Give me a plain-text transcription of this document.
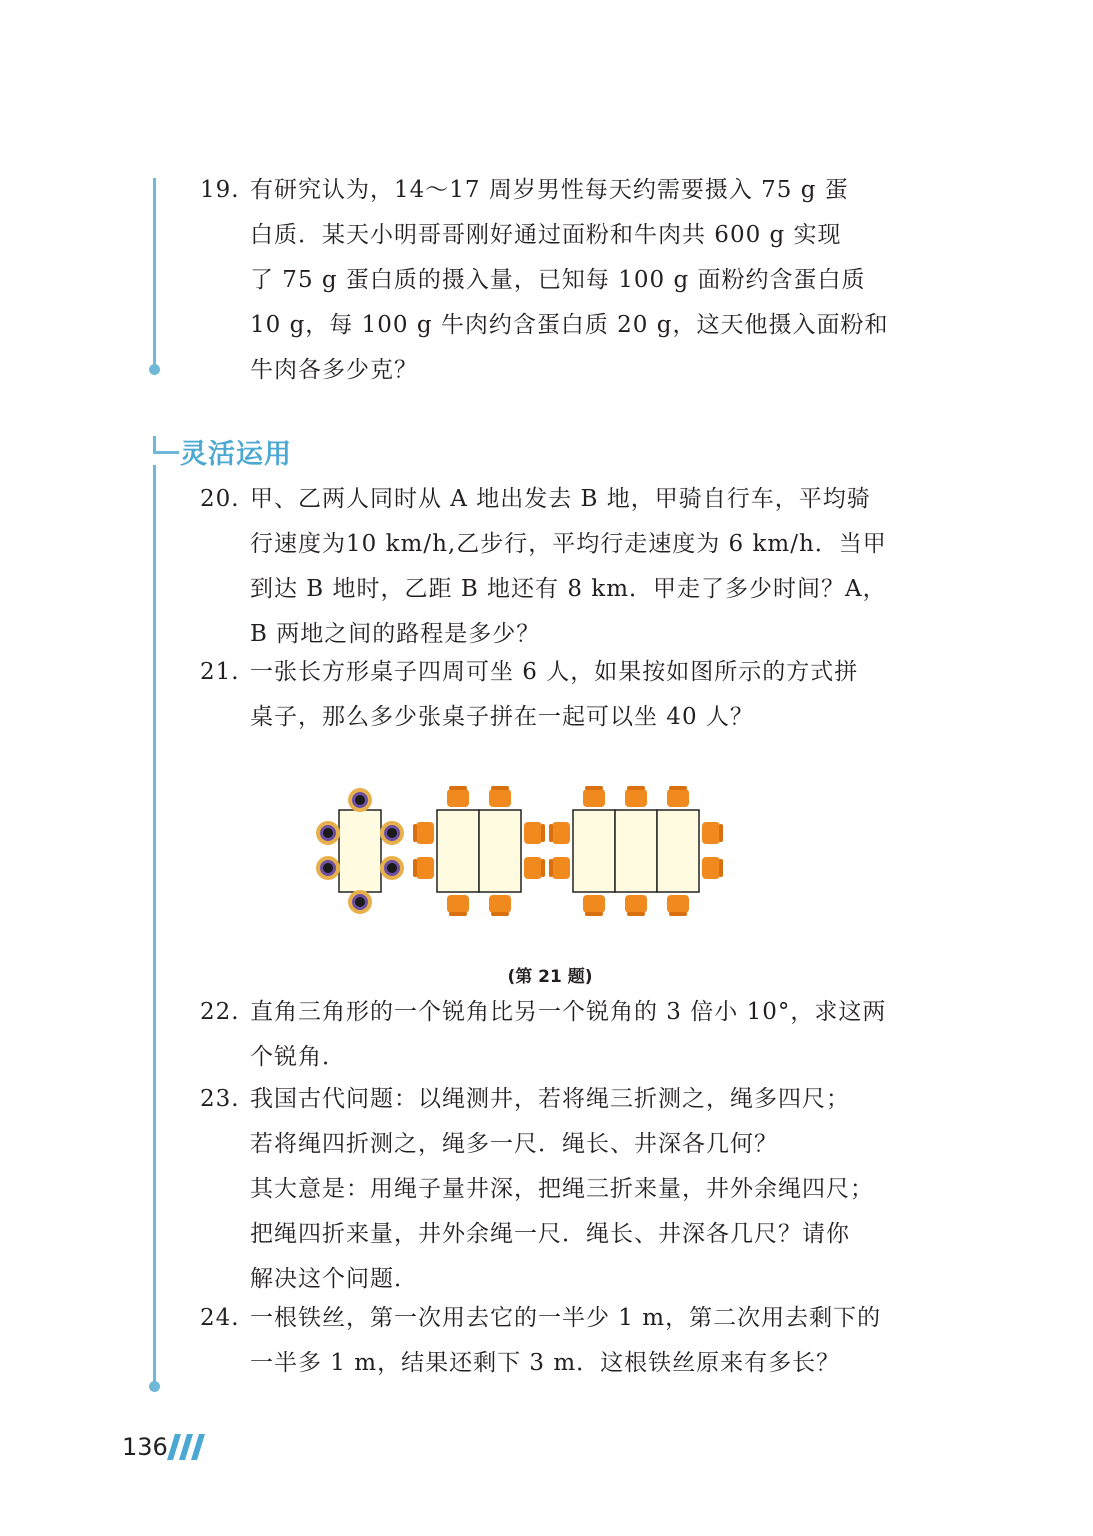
19. 有研究认为，14～17 周岁男性每天约需要摄入 75 g 蛋
白质．某天小明哥哥刚好通过面粉和牛肉共 600 g 实现
了 75 g 蛋白质的摄入量，已知每 100 g 面粉约含蛋白质
10 g，每 100 g 牛肉约含蛋白质 20 g，这天他摄入面粉和
牛肉各多少克？
灵活运用
20. 甲、乙两人同时从 A 地出发去 B 地，甲骑自行车，平均骑
行速度为10 km/h,乙步行，平均行走速度为 6 km/h．当甲
到达 B 地时，乙距 B 地还有 8 km．甲走了多少时间？A，
B 两地之间的路程是多少？
21. 一张长方形桌子四周可坐 6 人，如果按如图所示的方式拼
桌子，那么多少张桌子拼在一起可以坐 40 人？
(第 21 题)
22. 直角三角形的一个锐角比另一个锐角的 3 倍小 10°，求这两
个锐角．
23. 我国古代问题：以绳测井，若将绳三折测之，绳多四尺；
若将绳四折测之，绳多一尺．绳长、井深各几何？
其大意是：用绳子量井深，把绳三折来量，井外余绳四尺；
把绳四折来量，井外余绳一尺．绳长、井深各几尺？请你
解决这个问题．
24. 一根铁丝，第一次用去它的一半少 1 m，第二次用去剩下的
一半多 1 m，结果还剩下 3 m．这根铁丝原来有多长？
136
